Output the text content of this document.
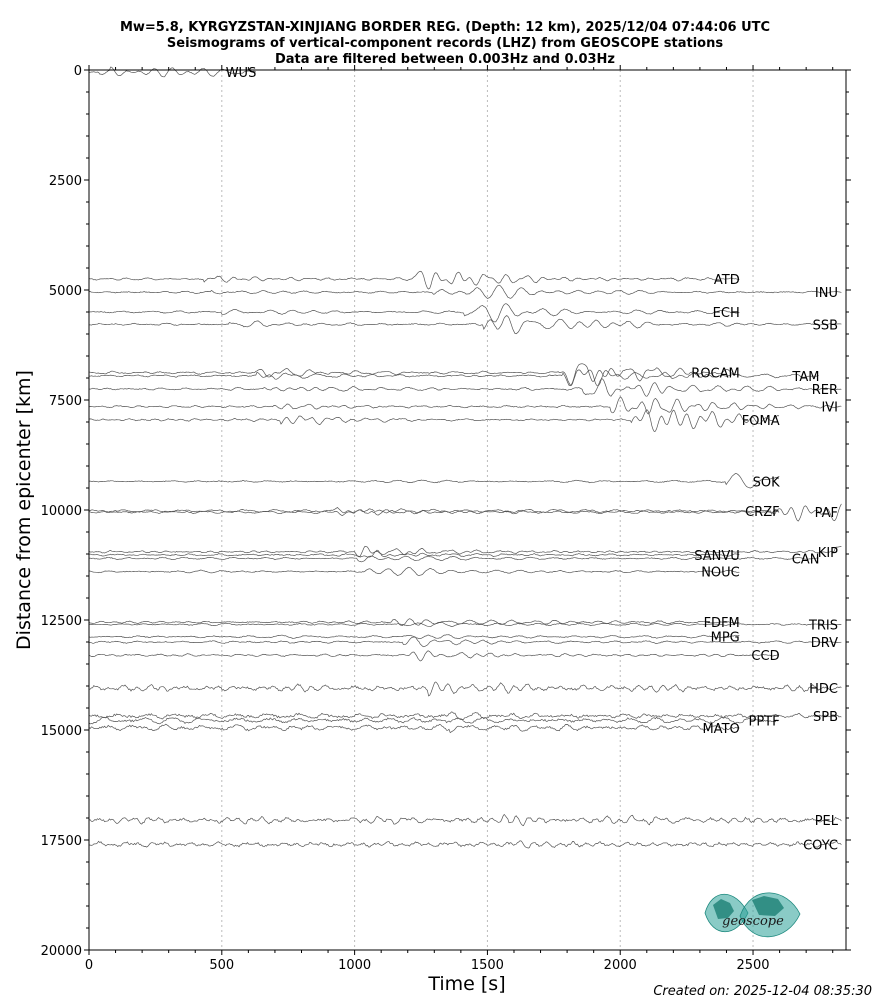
Mw=5.8, KYRGYZSTAN-XINJIANG BORDER REG. (Depth: 12 km), 2025/12/04 07:44:06 UTC
Seismograms of vertical-component records (LHZ) from GEOSCOPE stations
Data are filtered between 0.003Hz and 0.03Hz
WUS
ATD
INU
ECH
SSB
ROCAM	TAM
RER
IVI
FOMA
SOK
CRZF	PAF
KIP
SANVU	CAN
NOUC
FDFM	TRIS
MPG	DRV
CCD
HDC
SPB
PPTF
MATO
PEL
COYC
0	500	1000	1500	2000	2500
0
2500
5000
7500
10000
12500
15000
17500
20000
Time [s]
Distance from epicenter [km]
geoscope
Created on: 2025-12-04 08:35:30
